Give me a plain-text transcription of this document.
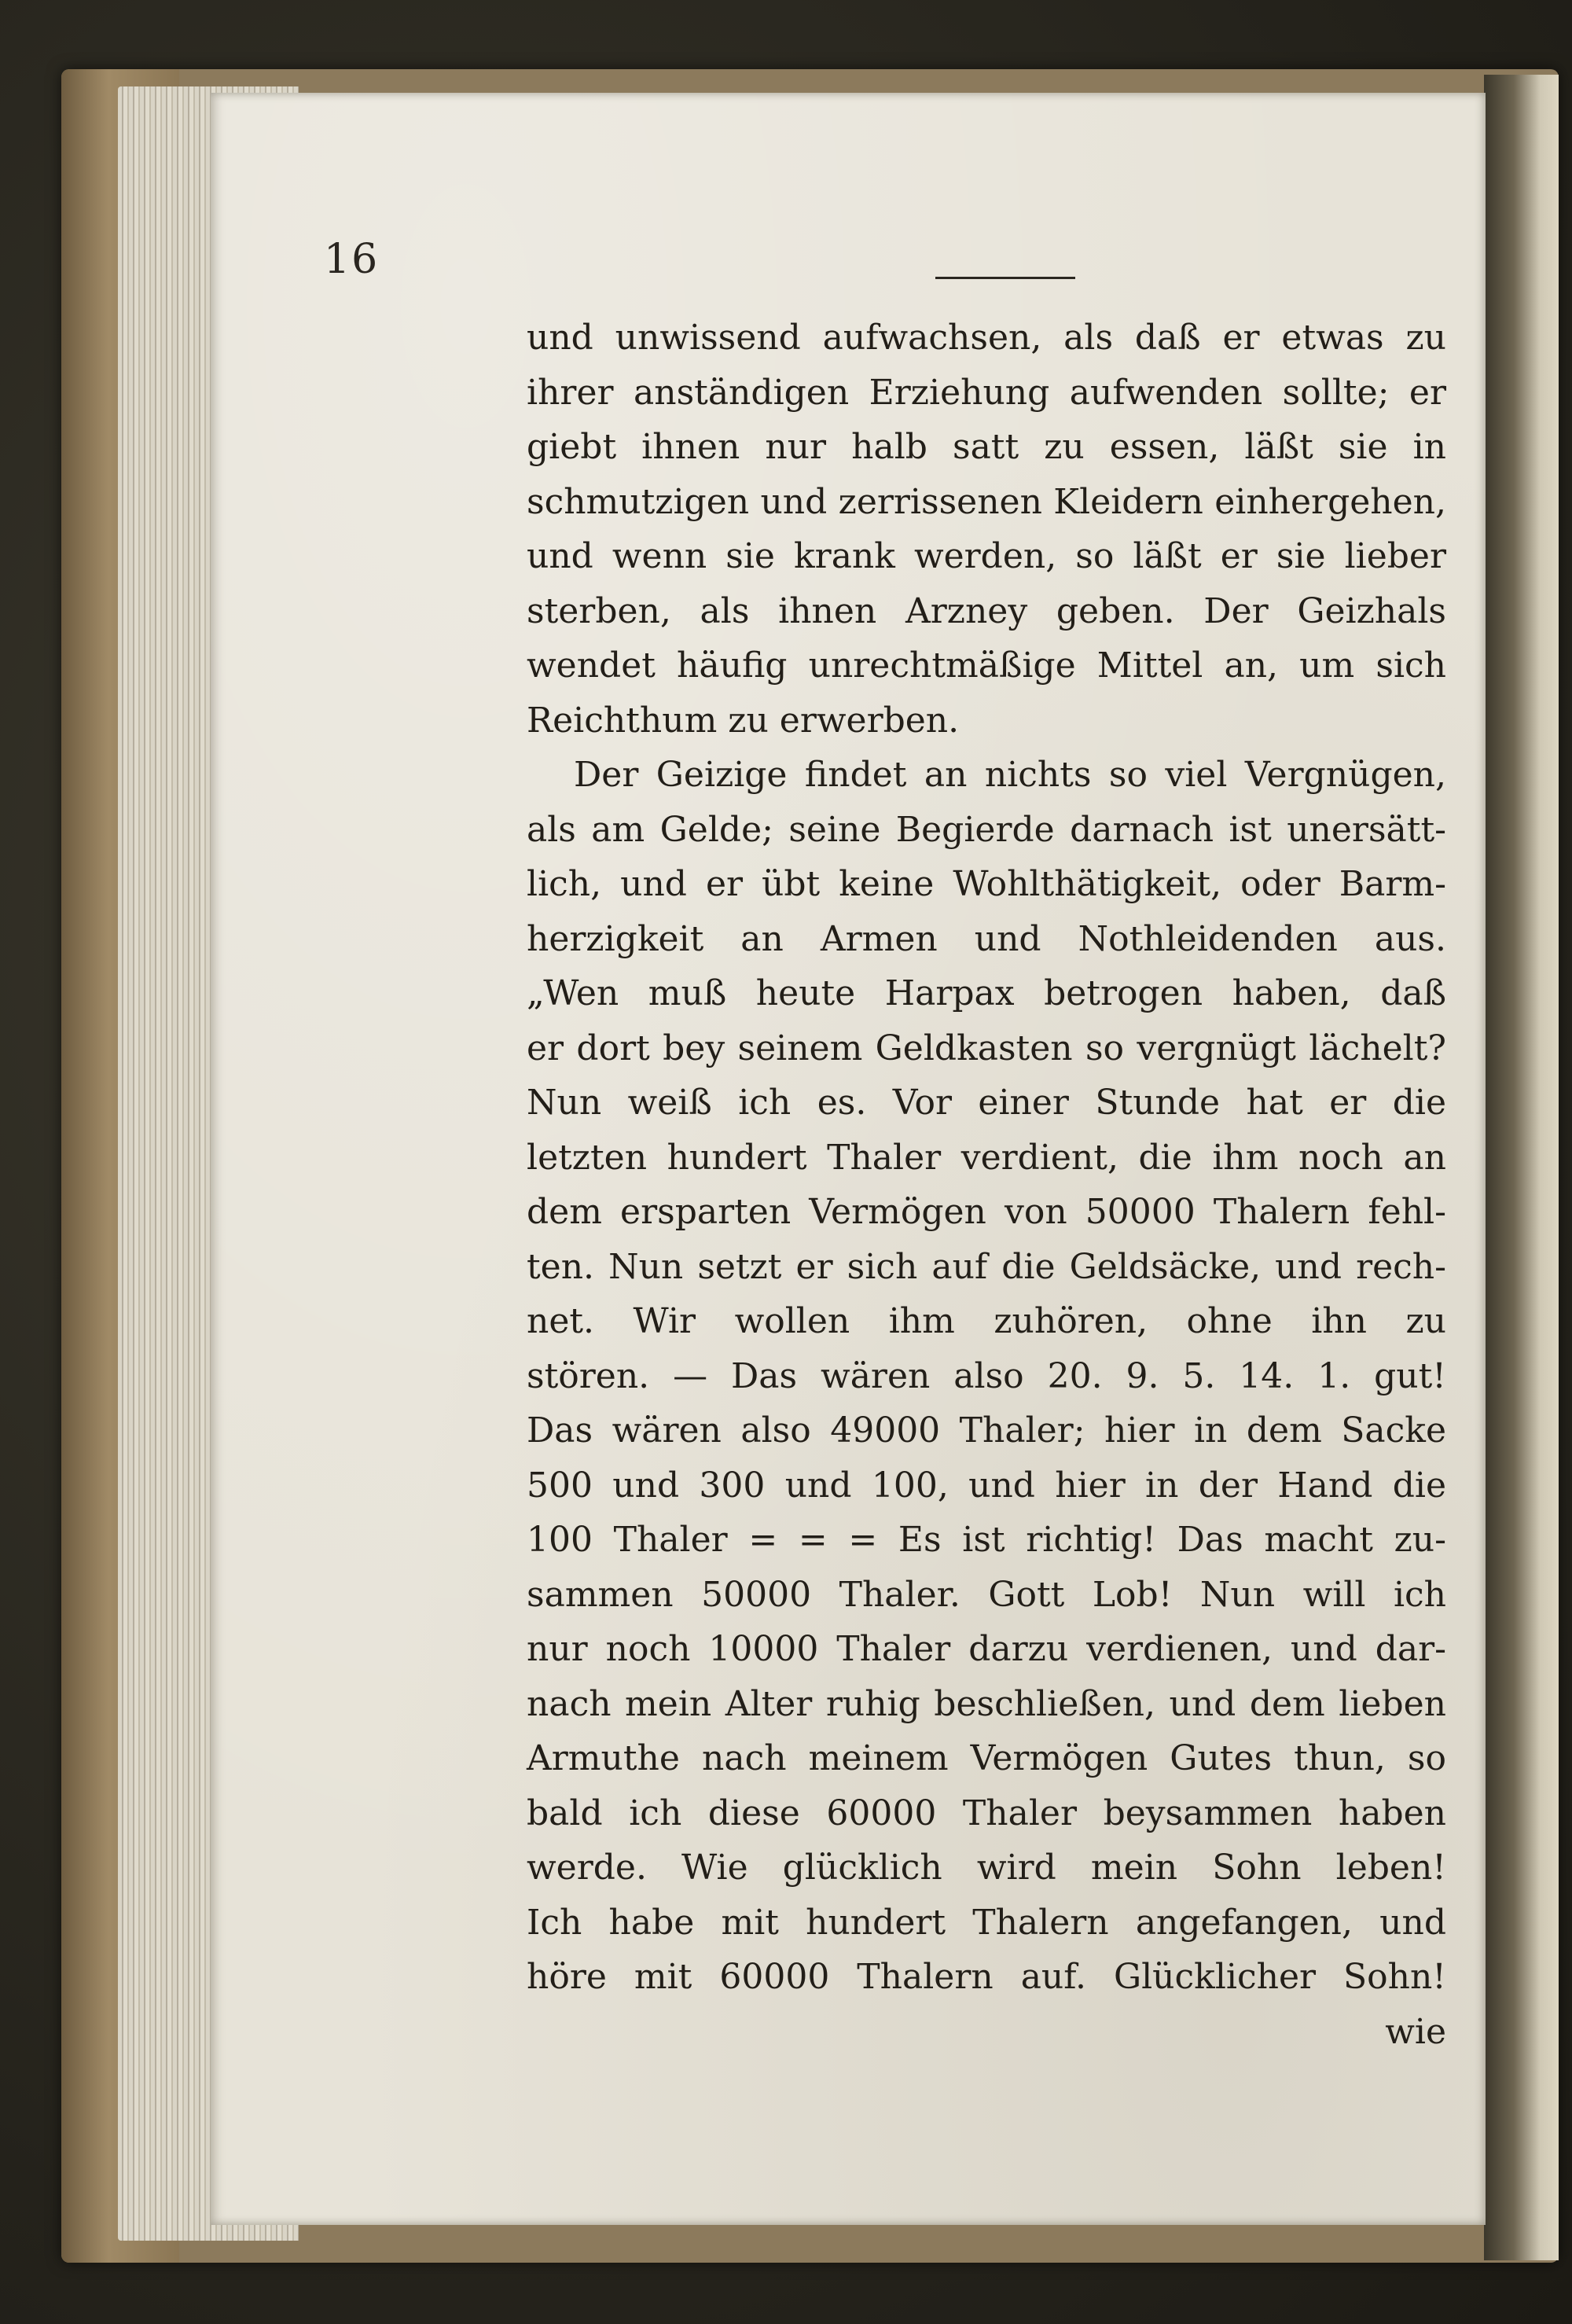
16
und unwissend aufwachsen, als daß er etwas zu
ihrer anständigen Erziehung aufwenden sollte; er
giebt ihnen nur halb satt zu essen, läßt sie in
schmutzigen und zerrissenen Kleidern einhergehen,
und wenn sie krank werden, so läßt er sie lieber
sterben, als ihnen Arzney geben. Der Geizhals
wendet häufig unrechtmäßige Mittel an, um sich
Reichthum zu erwerben.
Der Geizige findet an nichts so viel Vergnügen,
als am Gelde; seine Begierde darnach ist unersätt-
lich, und er übt keine Wohlthätigkeit, oder Barm-
herzigkeit an Armen und Nothleidenden aus.
„Wen muß heute Harpax betrogen haben, daß
er dort bey seinem Geldkasten so vergnügt lächelt?
Nun weiß ich es. Vor einer Stunde hat er die
letzten hundert Thaler verdient, die ihm noch an
dem ersparten Vermögen von 50000 Thalern fehl-
ten. Nun setzt er sich auf die Geldsäcke, und rech-
net. Wir wollen ihm zuhören, ohne ihn zu
stören. — Das wären also 20. 9. 5. 14. 1. gut!
Das wären also 49000 Thaler; hier in dem Sacke
500 und 300 und 100, und hier in der Hand die
100 Thaler = = = Es ist richtig! Das macht zu-
sammen 50000 Thaler. Gott Lob! Nun will ich
nur noch 10000 Thaler darzu verdienen, und dar-
nach mein Alter ruhig beschließen, und dem lieben
Armuthe nach meinem Vermögen Gutes thun, so
bald ich diese 60000 Thaler beysammen haben
werde. Wie glücklich wird mein Sohn leben!
Ich habe mit hundert Thalern angefangen, und
höre mit 60000 Thalern auf. Glücklicher Sohn!
wie
